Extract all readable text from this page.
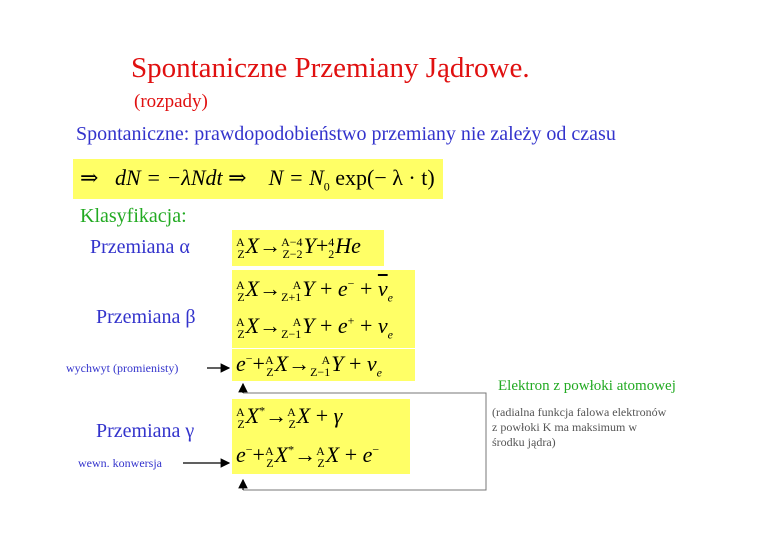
Spontaniczne Przemiany Jądrowe.
(rozpady)
Spontaniczne: prawdopodobieństwo przemiany nie zależy od czasu
⇒ dN = −λNdt ⇒ $N = N_0$ exp(− λ · t)
Klasyfikacja:
Przemiana α	A
Z X→ A−4
Z−2 Y+ 4
2 He
Przemiana β
A
Z X→ A
Z+1 $Y + e^- + \overline{\nu}_e$
A
Z X→ A
Z−1 $Y + e^+ + \nu_e$
wychwyt (promienisty)	e−+ A
Z X→ A
Z−1 $Y + \nu_e$
Przemiana γ
A
Z X*→ A
Z X + γ
e−+ A
Z X*→ A
Z X + e−
wewn. konwersja
Elektron z powłoki atomowej
(radialna funkcja falowa elektronów
z powłoki K ma maksimum w
środku jądra)
